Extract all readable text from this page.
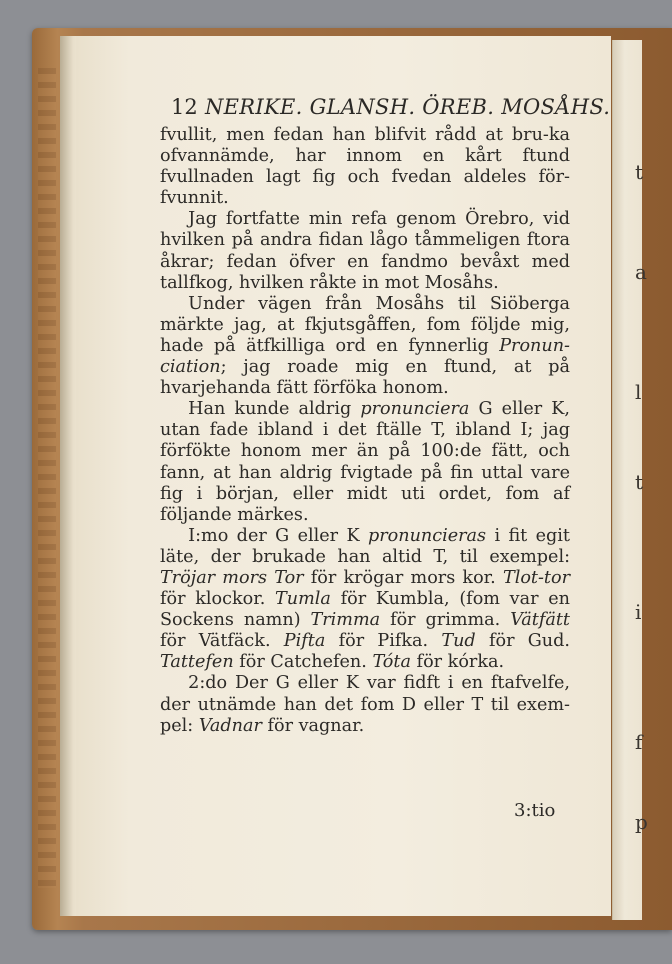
t
a
l
t
i
f
p
12 NERIKE. GLANSH. ÖREB. MOSÅHS.

fvullit, men fedan han blifvit rådd at bru-ka ofvannämde, har innom en kårt ftund fvullnaden lagt fig och fvedan aldeles för-fvunnit.

Jag fortfatte min refa genom Örebro, vid hvilken på andra fidan lågo tåmmeligen ftora åkrar; fedan öfver en fandmo bevåxt med tallfkog, hvilken råkte in mot Mosåhs.

Under vägen från Mosåhs til Siöberga märkte jag, at fkjutsgåffen, fom följde mig, hade på ätfkilliga ord en fynnerlig Pronun-ciation; jag roade mig en ftund, at på hvarjehanda fätt förföka honom.

Han kunde aldrig pronunciera G eller K, utan fade ibland i det ftälle T, ibland I; jag förfökte honom mer än på 100:de fätt, och fann, at han aldrig fvigtade på fin uttal vare fig i början, eller midt uti ordet, fom af följande märkes.

I:mo der G eller K pronuncieras i fit egit läte, der brukade han altid T, til exempel: Tröjar mors Tor för krögar mors kor. Tlot-tor för klockor. Tumla för Kumbla, (fom var en Sockens namn) Trimma för grimma. Vätfätt för Vätfäck. Pifta för Pifka. Tud för Gud. Tattefen för Catchefen. Tóta för kórka.

2:do Der G eller K var fidft i en ftafvelfe, der utnämde han det fom D eller T til exem-pel: Vadnar för vagnar.

3:tio
